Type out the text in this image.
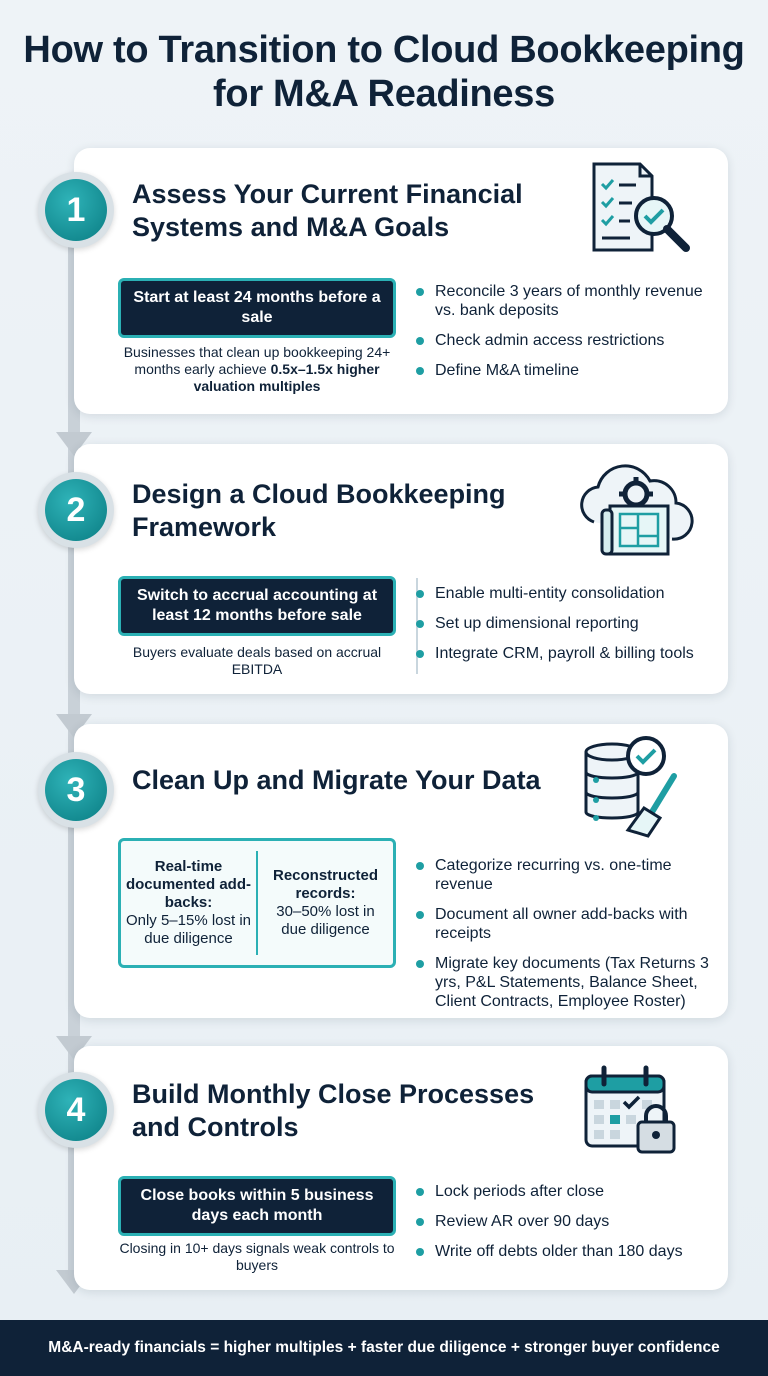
How to Transition to Cloud Bookkeeping for M&A Readiness
Assess Your Current Financial Systems and M&A Goals
Start at least 24 months before a sale
Businesses that clean up bookkeeping 24+ months early achieve 0.5x–1.5x higher valuation multiples
Reconcile 3 years of monthly revenue vs. bank deposits
Check admin access restrictions
Define M&A timeline
1
Design a Cloud Bookkeeping Framework
Switch to accrual accounting at least 12 months before sale
Buyers evaluate deals based on accrual EBITDA
Enable multi-entity consolidation
Set up dimensional reporting
Integrate CRM, payroll & billing tools
2
Clean Up and Migrate Your Data
Real-time documented add-backs:
Only 5–15% lost in due diligence
Reconstructed records:
30–50% lost in due diligence
Categorize recurring vs. one-time revenue
Document all owner add-backs with receipts
Migrate key documents (Tax Returns 3 yrs, P&L Statements, Balance Sheet, Client Contracts, Employee Roster)
3
Build Monthly Close Processes and Controls
Close books within 5 business days each month
Closing in 10+ days signals weak controls to buyers
Lock periods after close
Review AR over 90 days
Write off debts older than 180 days
4
M&A-ready financials = higher multiples + faster due diligence + stronger buyer confidence
